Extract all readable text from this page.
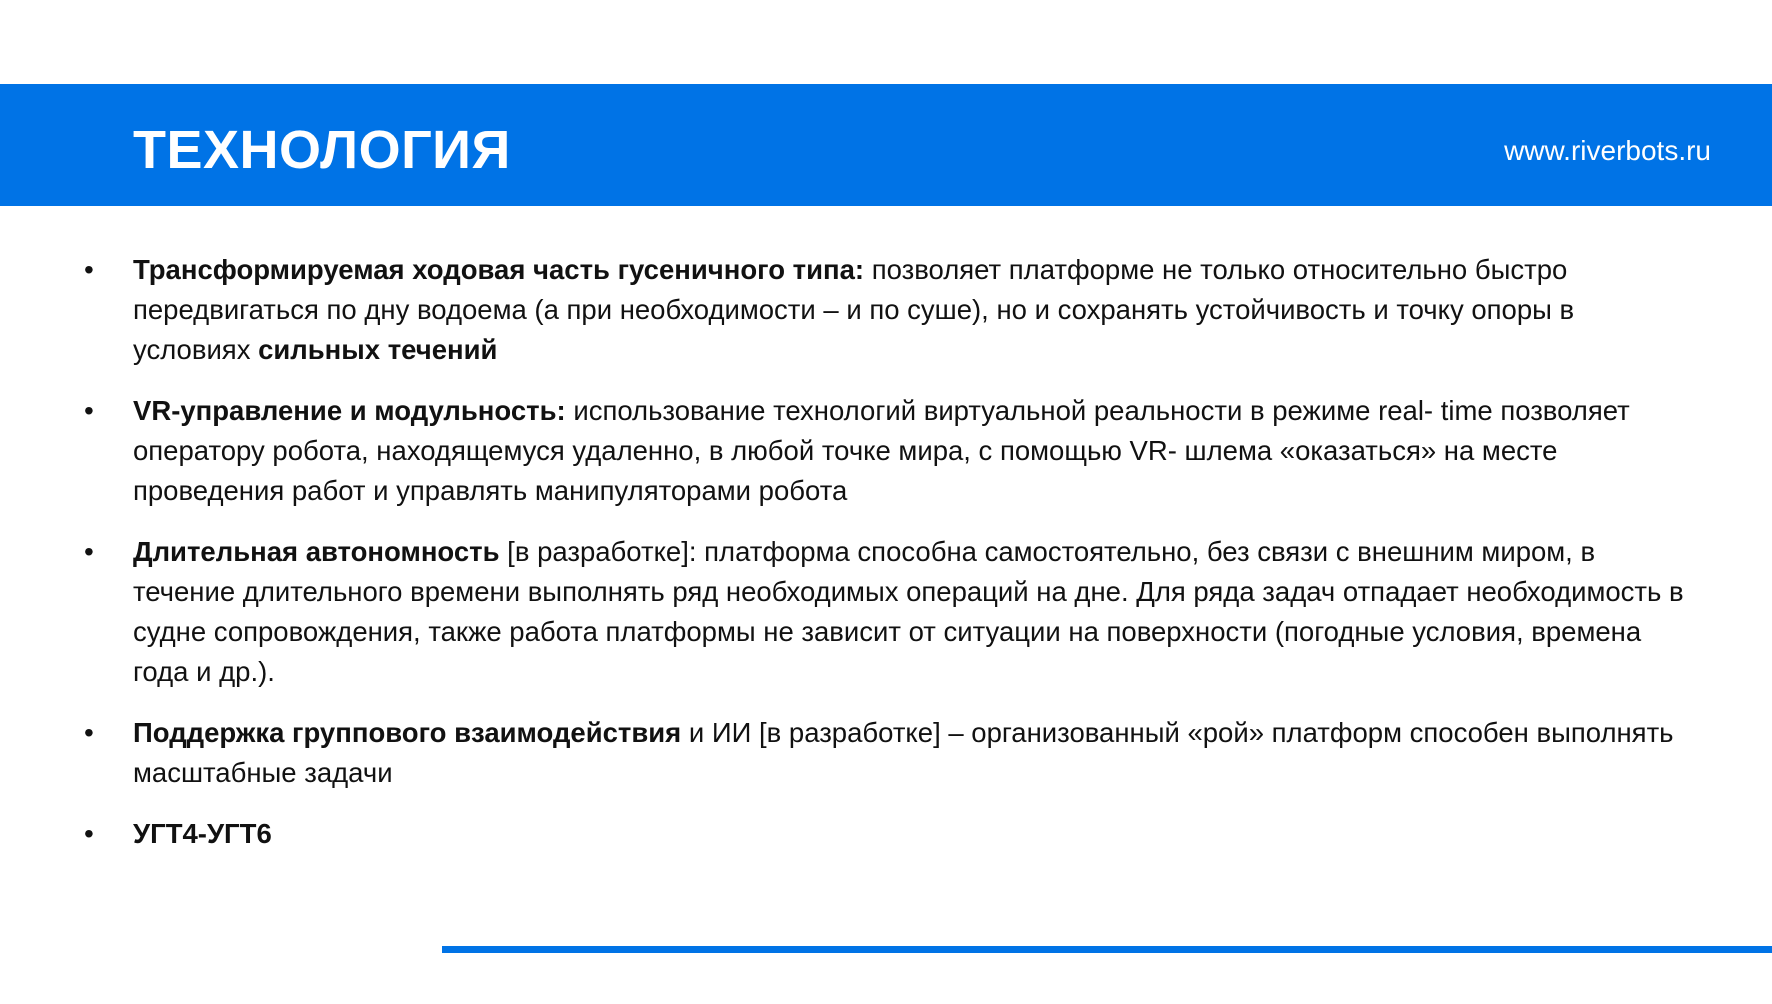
ТЕХНОЛОГИЯ	www.riverbots.ru
• Трансформируемая ходовая часть гусеничного типа: позволяет платформе не только относительно быстро передвигаться по дну водоема (а при необходимости – и по суше), но и сохранять устойчивость и точку опоры в условиях сильных течений
• VR-управление и модульность: использование технологий виртуальной реальности в режиме real- time позволяет оператору робота, находящемуся удаленно, в любой точке мира, с помощью VR- шлема «оказаться» на месте проведения работ и управлять манипуляторами робота
• Длительная автономность [в разработке]: платформа способна самостоятельно, без связи с внешним миром, в течение длительного времени выполнять ряд необходимых операций на дне. Для ряда задач отпадает необходимость в судне сопровождения, также работа платформы не зависит от ситуации на поверхности (погодные условия, времена года и др.).
• Поддержка группового взаимодействия и ИИ [в разработке] – организованный «рой» платформ способен выполнять масштабные задачи
• УГТ4-УГТ6
